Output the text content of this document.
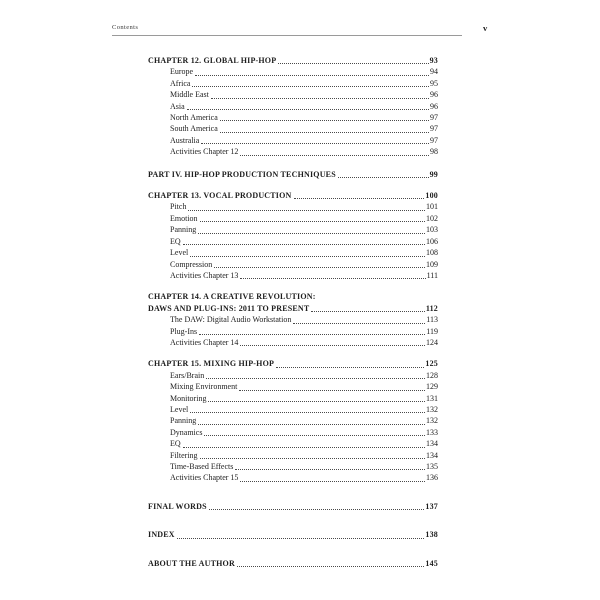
Contents	v
CHAPTER 12. GLOBAL HIP-HOP	93
Europe	94
Africa	95
Middle East	96
Asia	96
North America	97
South America	97
Australia	97
Activities Chapter 12	98
PART IV. HIP-HOP PRODUCTION TECHNIQUES	99
CHAPTER 13. VOCAL PRODUCTION	100
Pitch	101
Emotion	102
Panning	103
EQ	106
Level	108
Compression	109
Activities Chapter 13	111
CHAPTER 14. A CREATIVE REVOLUTION:
DAWS AND PLUG-INS: 2011 TO PRESENT	112
The DAW: Digital Audio Workstation	113
Plug-Ins	119
Activities Chapter 14	124
CHAPTER 15. MIXING HIP-HOP	125
Ears/Brain	128
Mixing Environment	129
Monitoring	131
Level	132
Panning	132
Dynamics	133
EQ	134
Filtering	134
Time-Based Effects	135
Activities Chapter 15	136
FINAL WORDS	137
INDEX	138
ABOUT THE AUTHOR	145
